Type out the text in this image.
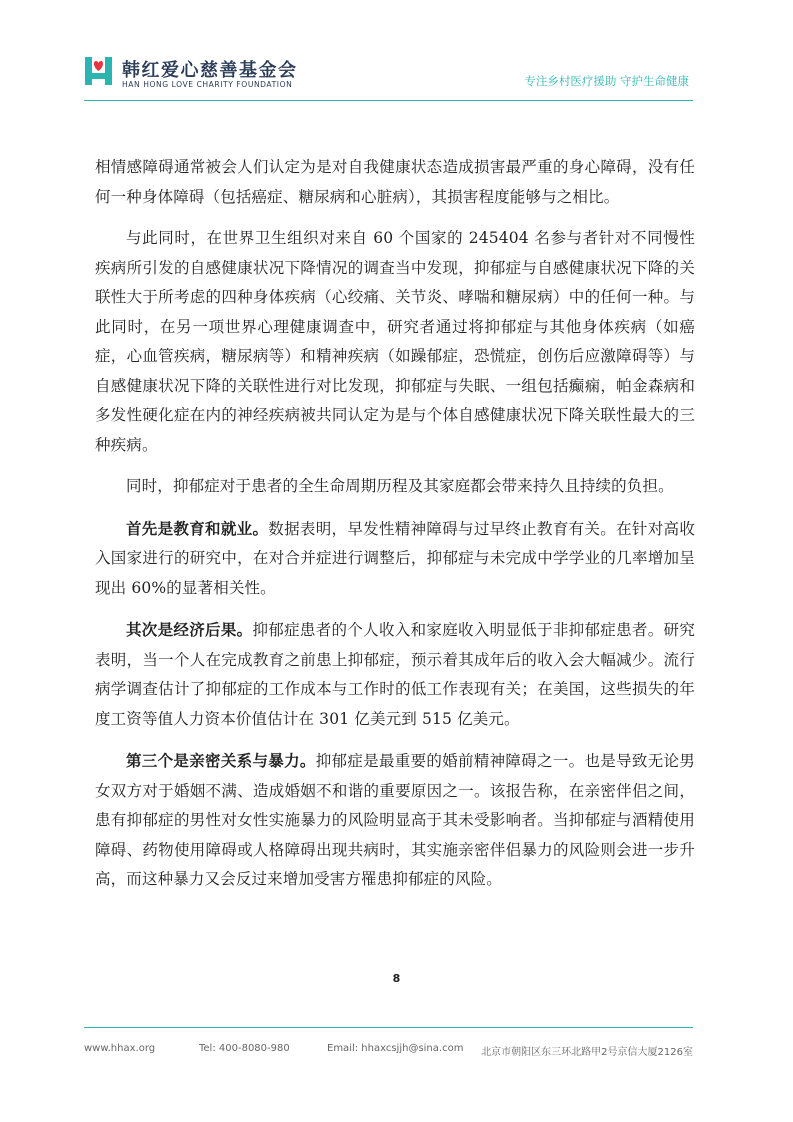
韩红爱心慈善基金会
HAN HONG LOVE CHARITY FOUNDATION	专注乡村医疗援助 守护生命健康

相情感障碍通常被会人们认定为是对自我健康状态造成损害最严重的身心障碍，没有任何一种身体障碍（包括癌症、糖尿病和心脏病），其损害程度能够与之相比。

与此同时，在世界卫生组织对来自 60 个国家的 245404 名参与者针对不同慢性疾病所引发的自感健康状况下降情况的调查当中发现，抑郁症与自感健康状况下降的关联性大于所考虑的四种身体疾病（心绞痛、关节炎、哮喘和糖尿病）中的任何一种。与此同时，在另一项世界心理健康调查中，研究者通过将抑郁症与其他身体疾病（如癌症，心血管疾病，糖尿病等）和精神疾病（如躁郁症，恐慌症，创伤后应激障碍等）与自感健康状况下降的关联性进行对比发现，抑郁症与失眠、一组包括癫痫，帕金森病和多发性硬化症在内的神经疾病被共同认定为是与个体自感健康状况下降关联性最大的三种疾病。

同时，抑郁症对于患者的全生命周期历程及其家庭都会带来持久且持续的负担。

首先是教育和就业。数据表明，早发性精神障碍与过早终止教育有关。在针对高收入国家进行的研究中，在对合并症进行调整后，抑郁症与未完成中学学业的几率增加呈现出 60%的显著相关性。

其次是经济后果。抑郁症患者的个人收入和家庭收入明显低于非抑郁症患者。研究表明，当一个人在完成教育之前患上抑郁症，预示着其成年后的收入会大幅减少。流行病学调查估计了抑郁症的工作成本与工作时的低工作表现有关；在美国，这些损失的年度工资等值人力资本价值估计在 301 亿美元到 515 亿美元。

第三个是亲密关系与暴力。抑郁症是最重要的婚前精神障碍之一。也是导致无论男女双方对于婚姻不满、造成婚姻不和谐的重要原因之一。该报告称，在亲密伴侣之间，患有抑郁症的男性对女性实施暴力的风险明显高于其未受影响者。当抑郁症与酒精使用障碍、药物使用障碍或人格障碍出现共病时，其实施亲密伴侣暴力的风险则会进一步升高，而这种暴力又会反过来增加受害方罹患抑郁症的风险。

8
www.hhax.org	Tel: 400-8080-980	Email: hhaxcsjjh@sina.com 北京市朝阳区东三环北路甲2号京信大厦2126室
